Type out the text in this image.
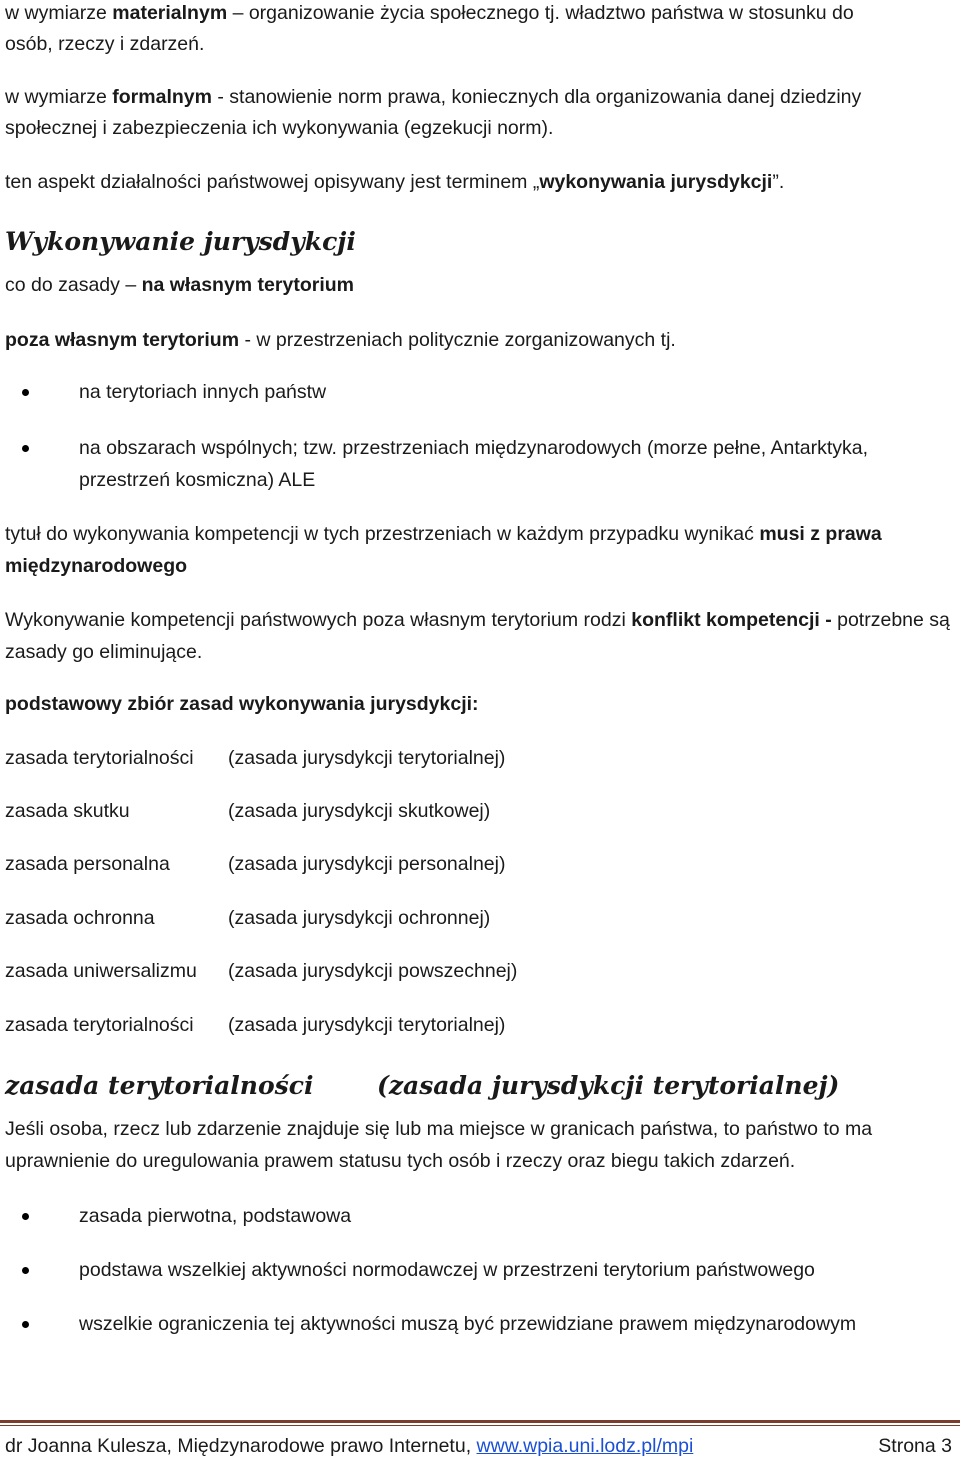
w wymiarze materialnym – organizowanie życia społecznego tj. władztwo państwa w stosunku do
osób, rzeczy i zdarzeń.
w wymiarze formalnym - stanowienie norm prawa, koniecznych dla organizowania danej dziedziny
społecznej i zabezpieczenia ich wykonywania (egzekucji norm).
ten aspekt działalności państwowej opisywany jest terminem „wykonywania jurysdykcji”.
Wykonywanie jurysdykcji
co do zasady – na własnym terytorium
poza własnym terytorium - w przestrzeniach politycznie zorganizowanych tj.
na terytoriach innych państw
na obszarach wspólnych; tzw. przestrzeniach międzynarodowych (morze pełne, Antarktyka, przestrzeń kosmiczna) ALE
tytuł do wykonywania kompetencji w tych przestrzeniach w każdym przypadku wynikać musi z prawa międzynarodowego
Wykonywanie kompetencji państwowych poza własnym terytorium rodzi konflikt kompetencji - potrzebne są zasady go eliminujące.
podstawowy zbiór zasad wykonywania jurysdykcji:
zasada terytorialności (zasada jurysdykcji terytorialnej)
zasada skutku	(zasada jurysdykcji skutkowej)
zasada personalna	(zasada jurysdykcji personalnej)
zasada ochronna	(zasada jurysdykcji ochronnej)
zasada uniwersalizmu (zasada jurysdykcji powszechnej)
zasada terytorialności (zasada jurysdykcji terytorialnej)
zasada terytorialności	(zasada jurysdykcji terytorialnej)
Jeśli osoba, rzecz lub zdarzenie znajduje się lub ma miejsce w granicach państwa, to państwo to ma uprawnienie do uregulowania prawem statusu tych osób i rzeczy oraz biegu takich zdarzeń.
zasada pierwotna, podstawowa
podstawa wszelkiej aktywności normodawczej w przestrzeni terytorium państwowego
wszelkie ograniczenia tej aktywności muszą być przewidziane prawem międzynarodowym
dr Joanna Kulesza, Międzynarodowe prawo Internetu, www.wpia.uni.lodz.pl/mpi	Strona 3
